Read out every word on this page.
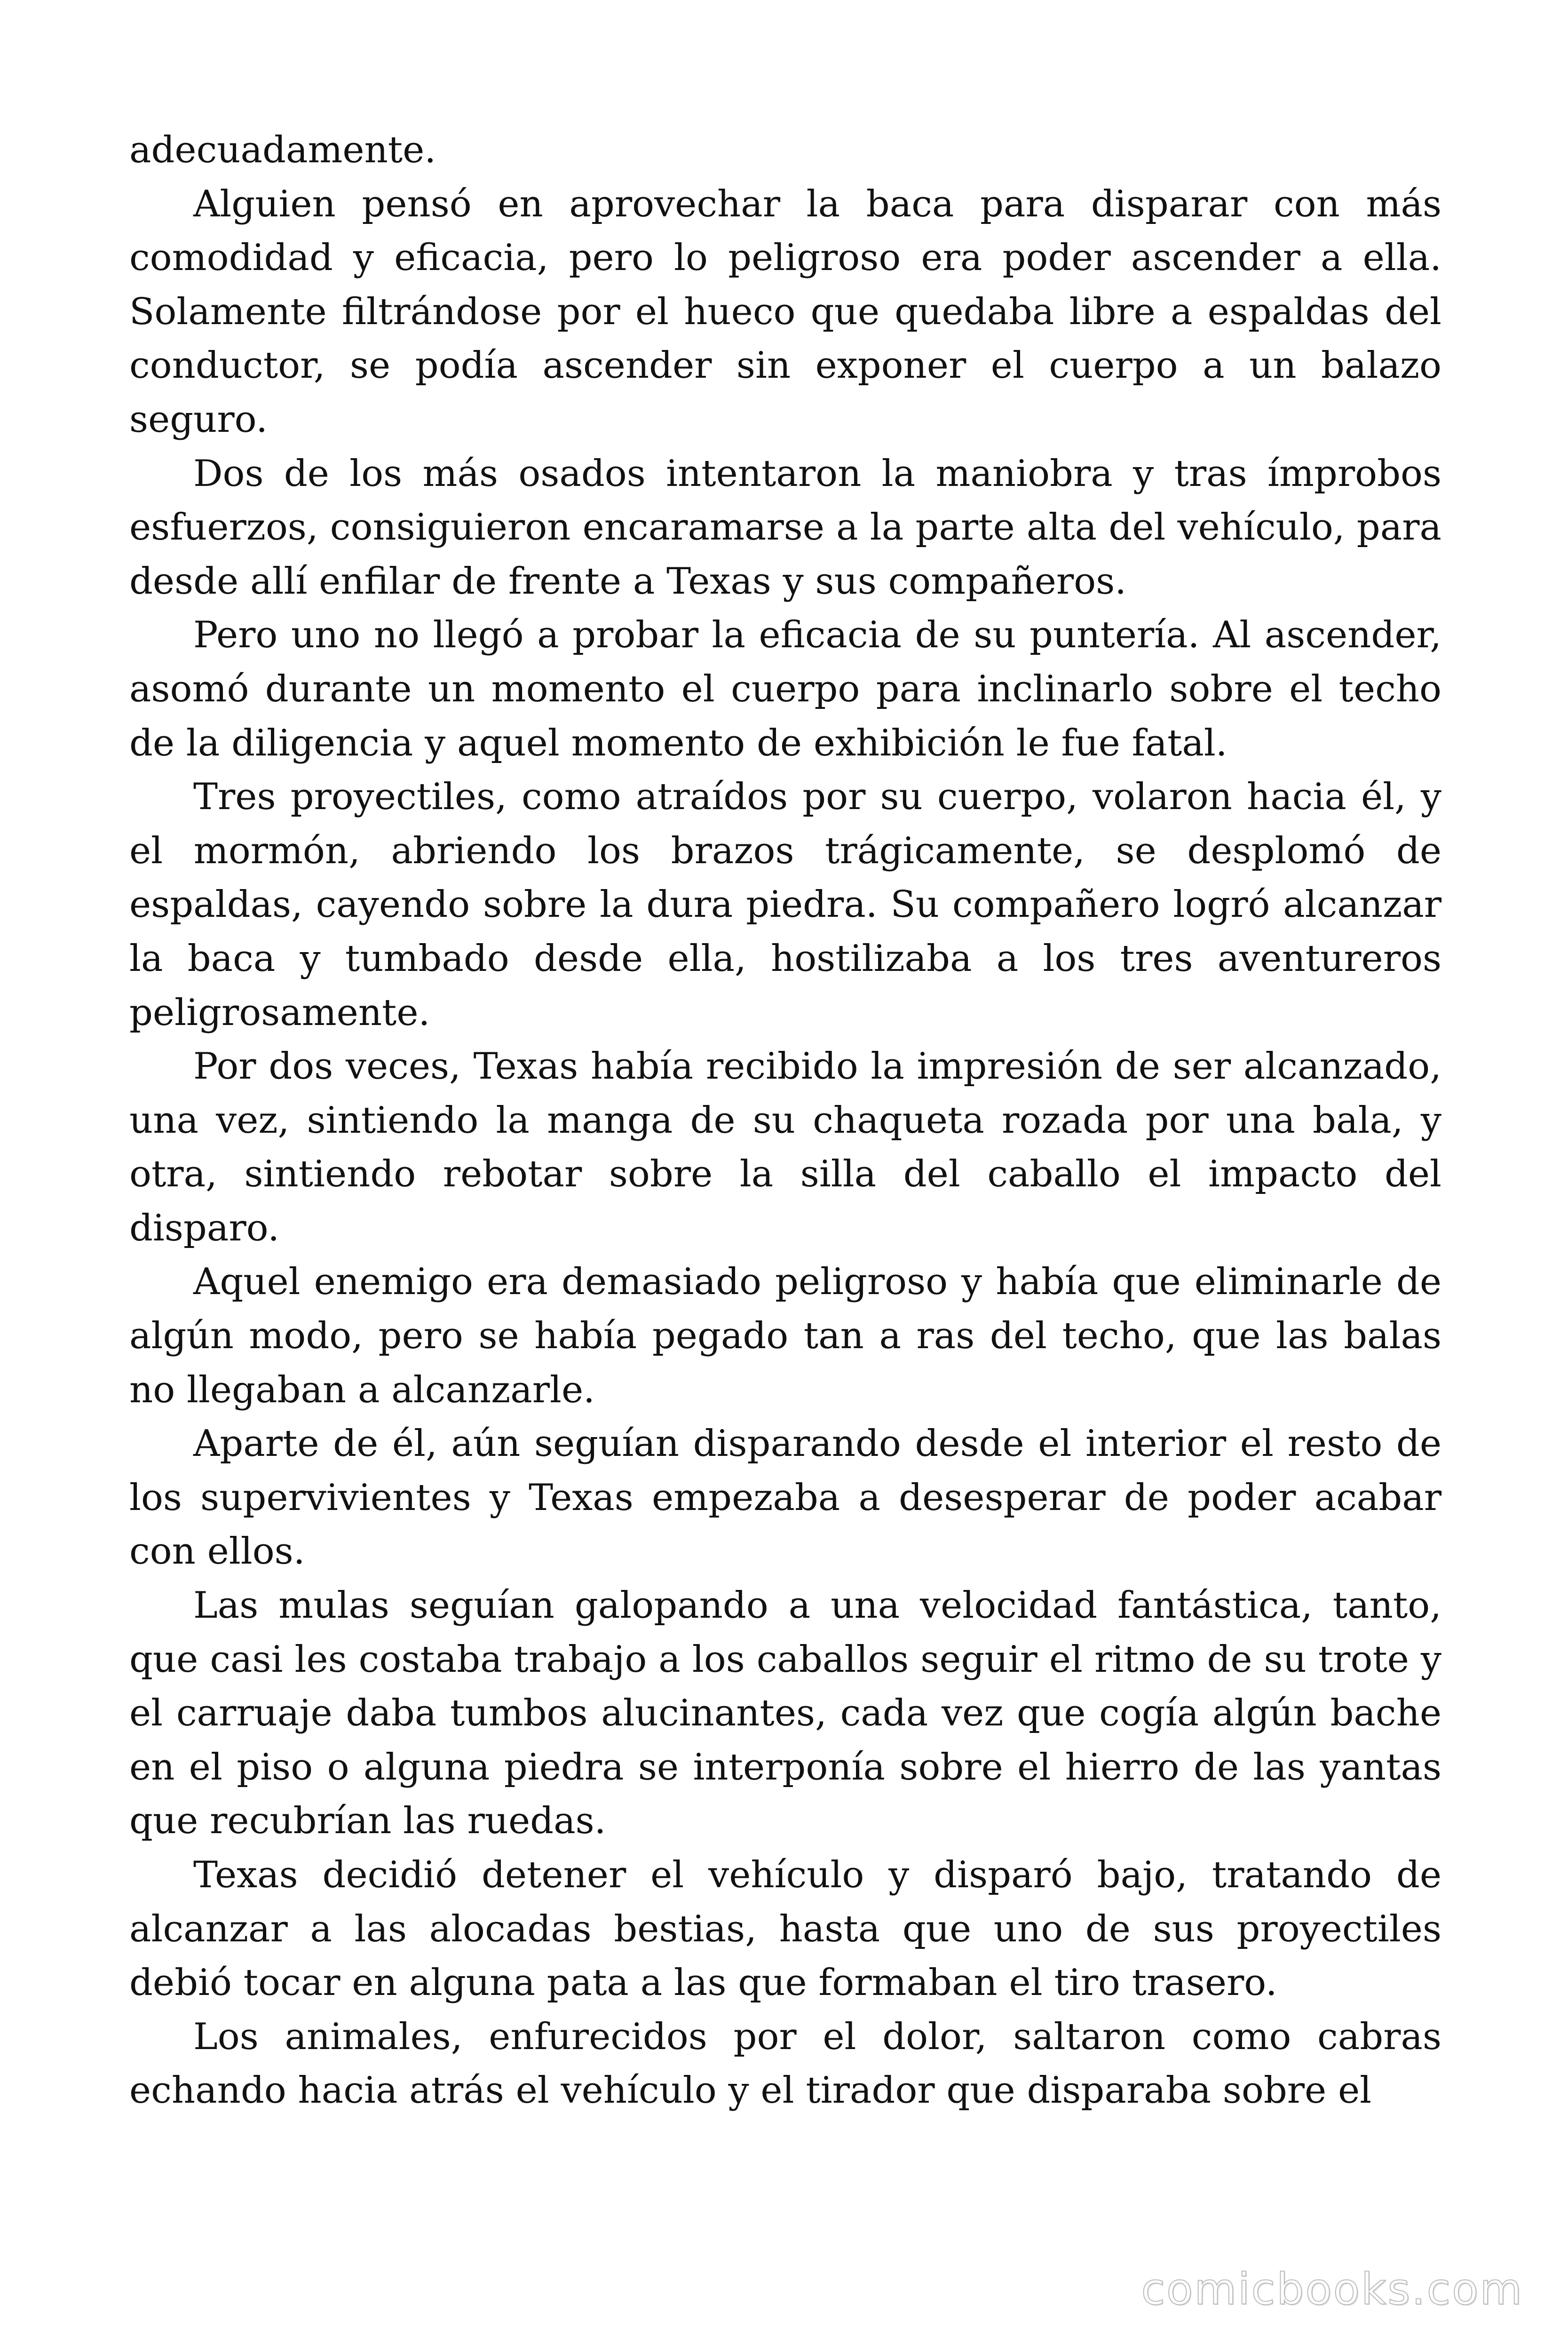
adecuadamente.

Alguien pensó en aprovechar la baca para disparar con más comodidad y eficacia, pero lo peligroso era poder ascender a ella. Solamente filtrándose por el hueco que quedaba libre a espaldas del conductor, se podía ascender sin exponer el cuerpo a un balazo seguro.

Dos de los más osados intentaron la maniobra y tras ímprobos esfuerzos, consiguieron encaramarse a la parte alta del vehículo, para desde allí enfilar de frente a Texas y sus compañeros.

Pero uno no llegó a probar la eficacia de su puntería. Al ascender, asomó durante un momento el cuerpo para inclinarlo sobre el techo de la diligencia y aquel momento de exhibición le fue fatal.

Tres proyectiles, como atraídos por su cuerpo, volaron hacia él, y el mormón, abriendo los brazos trágicamente, se desplomó de espaldas, cayendo sobre la dura piedra. Su compañero logró alcanzar la baca y tumbado desde ella, hostilizaba a los tres aventureros peligrosamente.

Por dos veces, Texas había recibido la impresión de ser alcanzado, una vez, sintiendo la manga de su chaqueta rozada por una bala, y otra, sintiendo rebotar sobre la silla del caballo el impacto del disparo.

Aquel enemigo era demasiado peligroso y había que eliminarle de algún modo, pero se había pegado tan a ras del techo, que las balas no llegaban a alcanzarle.

Aparte de él, aún seguían disparando desde el interior el resto de los supervivientes y Texas empezaba a desesperar de poder acabar con ellos.

Las mulas seguían galopando a una velocidad fantástica, tanto, que casi les costaba trabajo a los caballos seguir el ritmo de su trote y el carruaje daba tumbos alucinantes, cada vez que cogía algún bache en el piso o alguna piedra se interponía sobre el hierro de las yantas que recubrían las ruedas.

Texas decidió detener el vehículo y disparó bajo, tratando de alcanzar a las alocadas bestias, hasta que uno de sus proyectiles debió tocar en alguna pata a las que formaban el tiro trasero.

Los animales, enfurecidos por el dolor, saltaron como cabras echando hacia atrás el vehículo y el tirador que disparaba sobre el

comicbooks.com
